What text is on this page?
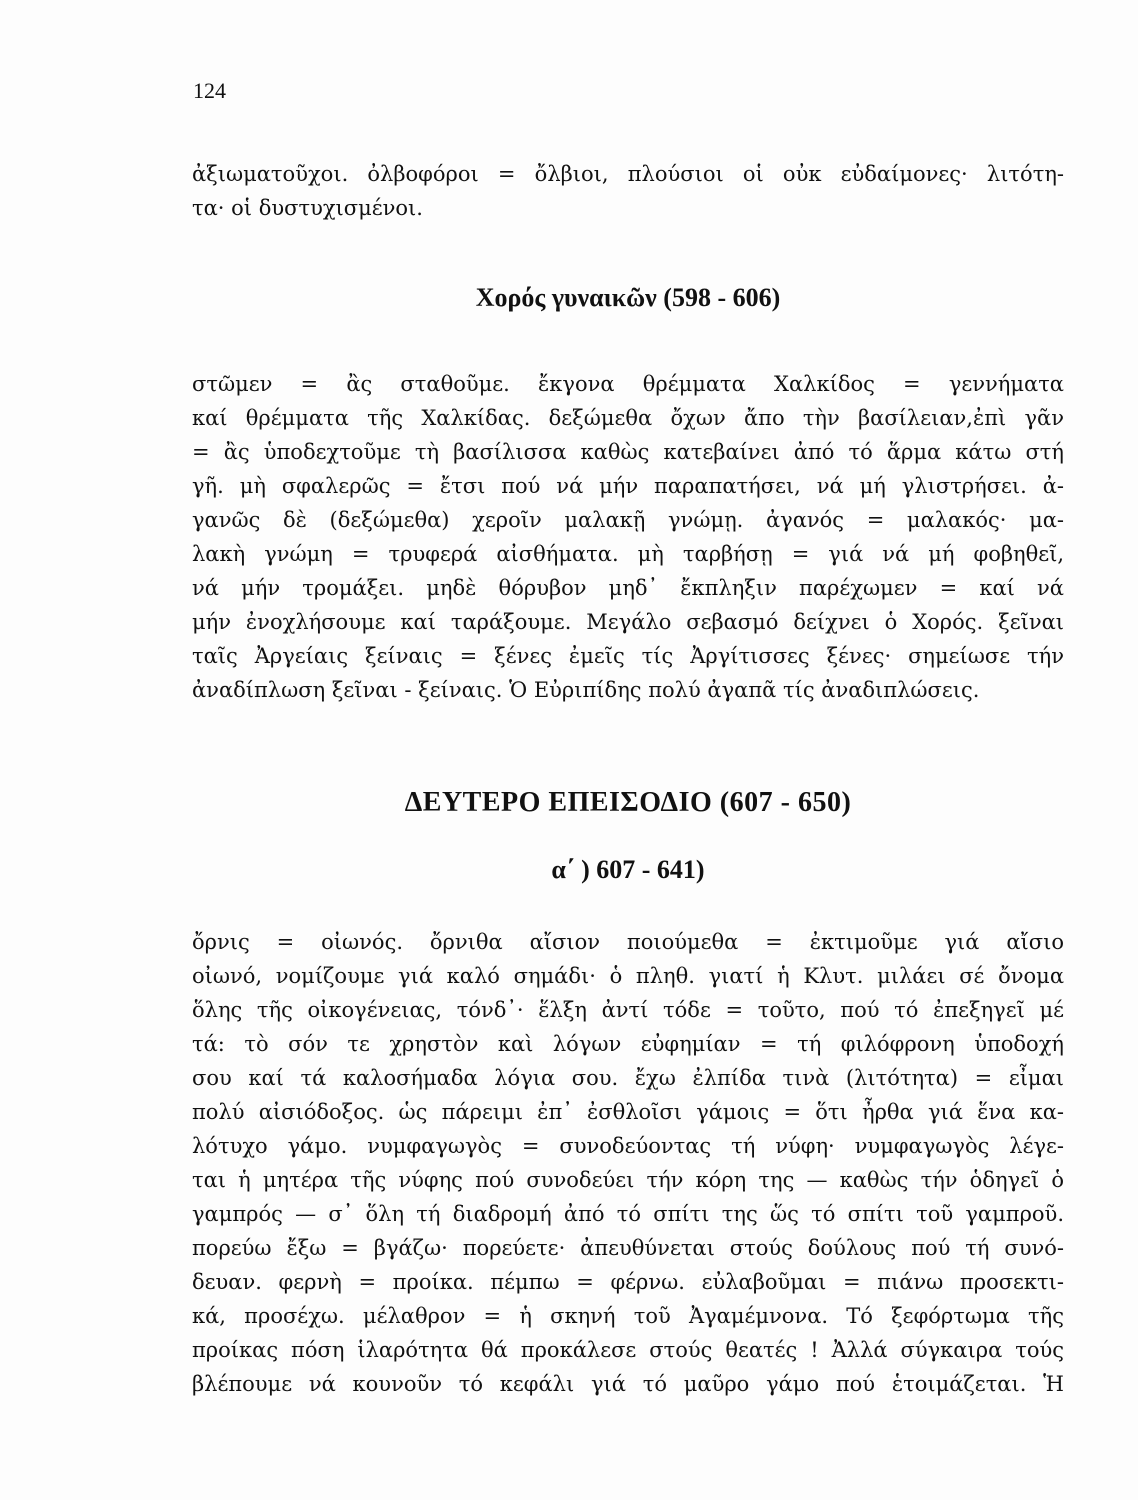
124
ἀξιωματοῦχοι. ὀλβοφόροι = ὄλβιοι, πλούσιοι οἱ οὐκ εὐδαίμονες· λιτότη-
τα· οἱ δυστυχισμένοι.
Χορός γυναικῶν (598 - 606)
στῶμεν = ἂς σταθοῦμε. ἔκγονα θρέμματα Χαλκίδος = γεννήματα
καί θρέμματα τῆς Χαλκίδας. δεξώμεθα ὄχων ἄπο τὴν βασίλειαν,ἐπὶ γᾶν
= ἂς ὑποδεχτοῦμε τὴ βασίλισσα καθὼς κατεβαίνει ἀπό τό ἅρμα κάτω στή
γῆ. μὴ σφαλερῶς = ἔτσι πού νά μήν παραπατήσει, νά μή γλιστρήσει. ἀ-
γανῶς δὲ (δεξώμεθα) χεροῖν μαλακῇ γνώμῃ. ἀγανός = μαλακός· μα-
λακὴ γνώμη = τρυφερά αἰσθήματα. μὴ ταρβήσῃ = γιά νά μή φοβηθεῖ,
νά μήν τρομάξει. μηδὲ θόρυβον μηδ᾿ ἔκπληξιν παρέχωμεν = καί νά
μήν ἐνοχλήσουμε καί ταράξουμε. Μεγάλο σεβασμό δείχνει ὁ Χορός. ξεῖναι
ταῖς Ἀργείαις ξείναις = ξένες ἐμεῖς τίς Ἀργίτισσες ξένες· σημείωσε τήν
ἀναδίπλωση ξεῖναι - ξείναις. Ὁ Εὐριπίδης πολύ ἀγαπᾶ τίς ἀναδιπλώσεις.
ΔΕΥΤΕΡΟ ΕΠΕΙΣΟΔΙΟ (607 - 650)
α΄ ) 607 - 641)
ὄρνις = οἰωνός. ὄρνιθα αἴσιον ποιούμεθα = ἐκτιμοῦμε γιά αἴσιο
οἰωνό, νομίζουμε γιά καλό σημάδι· ὁ πληθ. γιατί ἡ Κλυτ. μιλάει σέ ὄνομα
ὅλης τῆς οἰκογένειας, τόνδ᾿· ἕλξη ἀντί τόδε = τοῦτο, πού τό ἐπεξηγεῖ μέ
τά: τὸ σόν τε χρηστὸν καὶ λόγων εὐφημίαν = τή φιλόφρονη ὑποδοχή
σου καί τά καλοσήμαδα λόγια σου. ἔχω ἐλπίδα τινὰ (λιτότητα) = εἶμαι
πολύ αἰσιόδοξος. ὡς πάρειμι ἐπ᾿ ἐσθλοῖσι γάμοις = ὅτι ἦρθα γιά ἕνα κα-
λότυχο γάμο. νυμφαγωγὸς = συνοδεύοντας τή νύφη· νυμφαγωγὸς λέγε-
ται ἡ μητέρα τῆς νύφης πού συνοδεύει τήν κόρη της — καθὼς τήν ὁδηγεῖ ὁ
γαμπρός — σ᾿ ὅλη τή διαδρομή ἀπό τό σπίτι της ὥς τό σπίτι τοῦ γαμπροῦ.
πορεύω ἔξω = βγάζω· πορεύετε· ἀπευθύνεται στούς δούλους πού τή συνό-
δευαν. φερνὴ = προίκα. πέμπω = φέρνω. εὐλαβοῦμαι = πιάνω προσεκτι-
κά, προσέχω. μέλαθρον = ἡ σκηνή τοῦ Ἀγαμέμνονα. Τό ξεφόρτωμα τῆς
προίκας πόση ἱλαρότητα θά προκάλεσε στούς θεατές ! Ἀλλά σύγκαιρα τούς
βλέπουμε νά κουνοῦν τό κεφάλι γιά τό μαῦρο γάμο πού ἑτοιμάζεται. Ἡ
